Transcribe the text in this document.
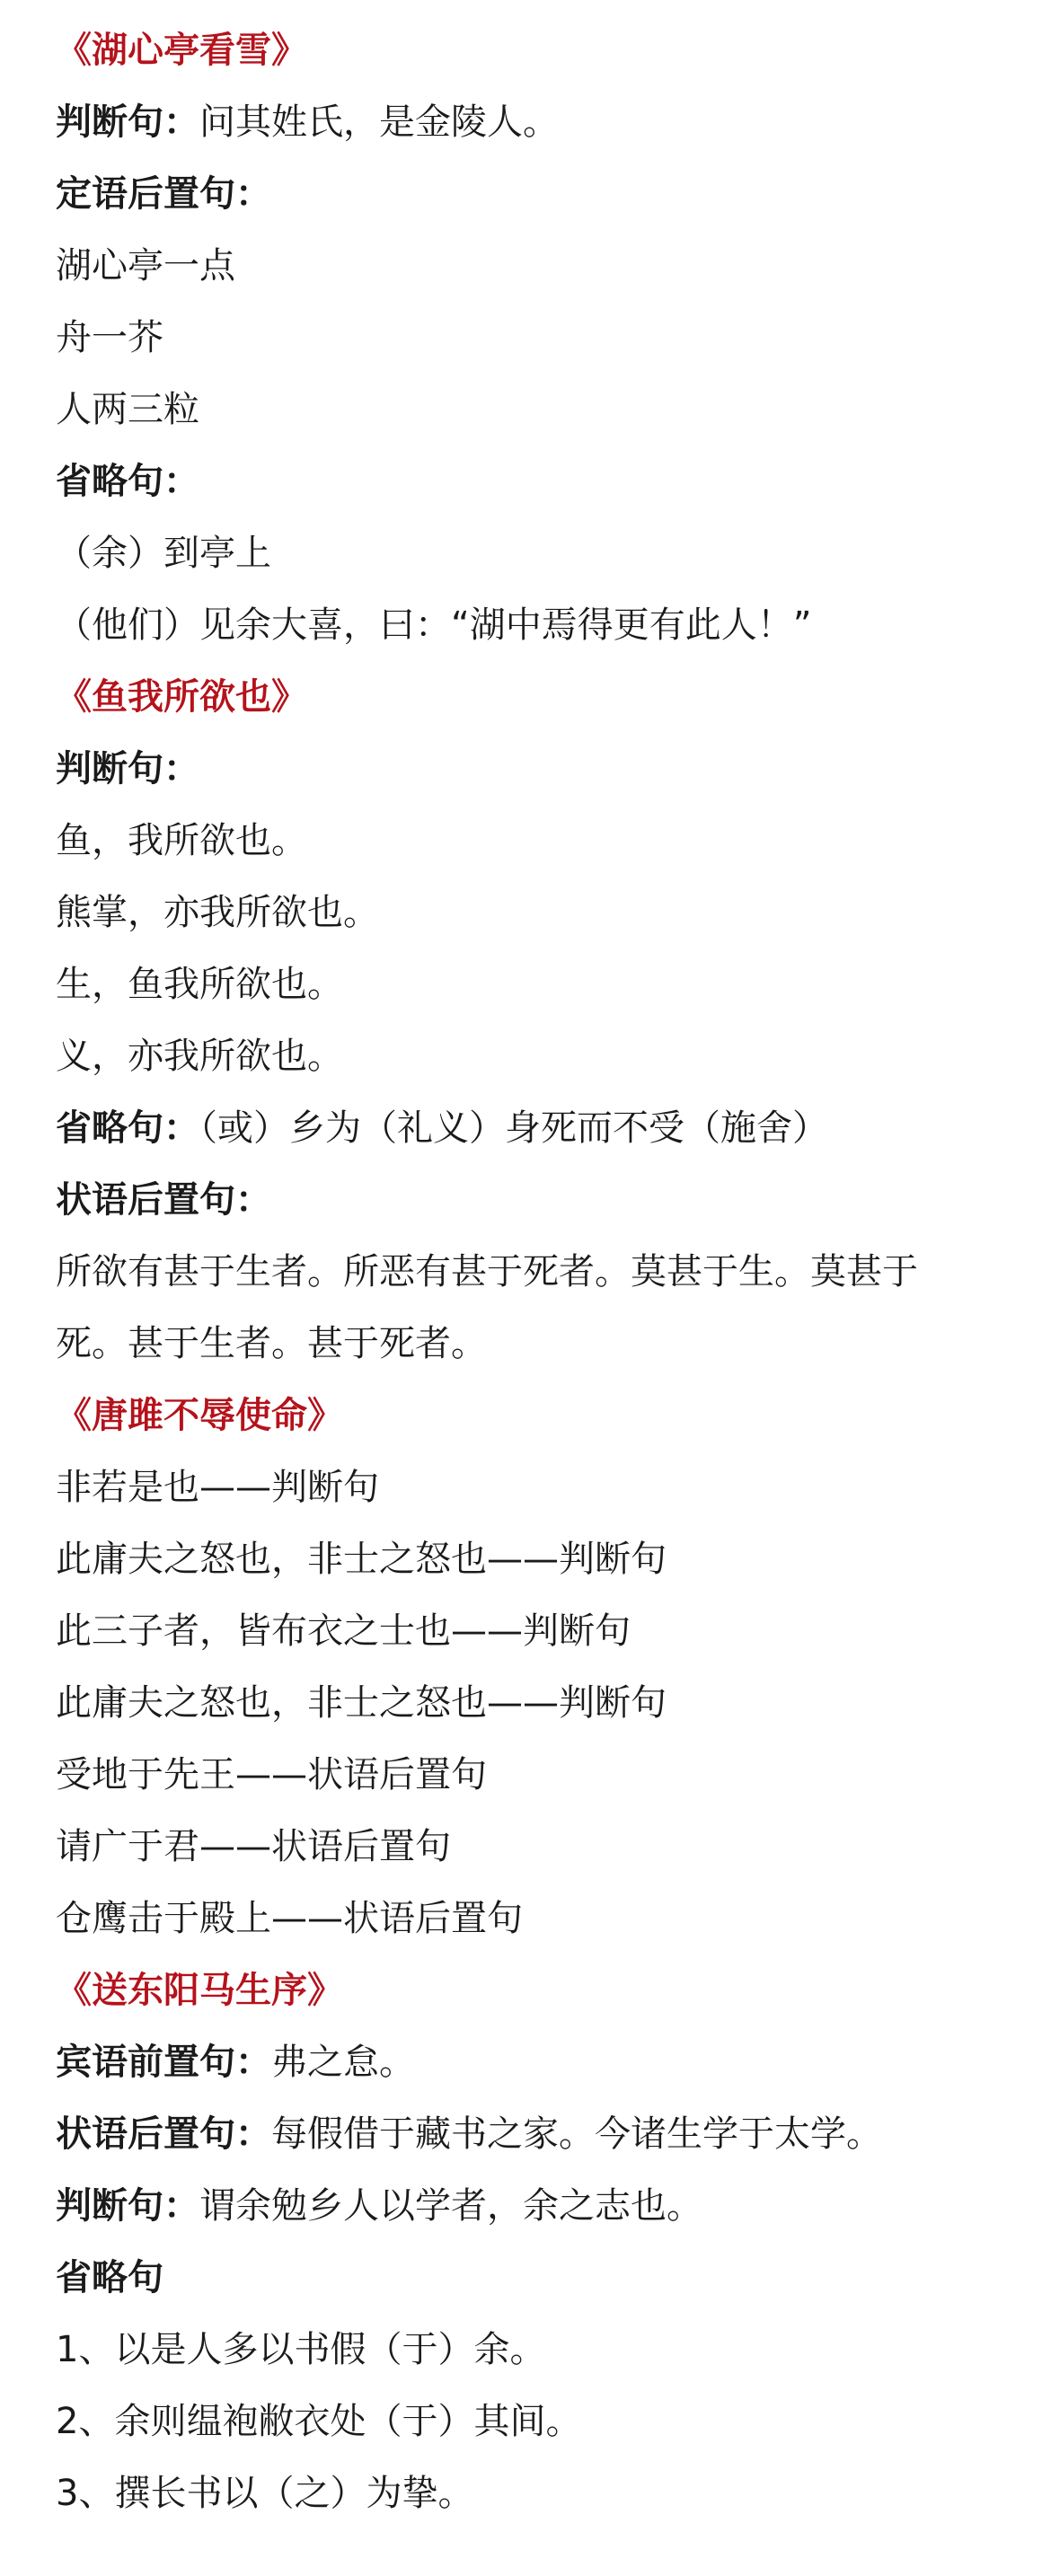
《湖心亭看雪》
判断句：问其姓氏，是金陵人。
定语后置句：
湖心亭一点
舟一芥
人两三粒
省略句：
（余）到亭上
（他们）见余大喜，曰：“湖中焉得更有此人！”
《鱼我所欲也》
判断句：
鱼，我所欲也。
熊掌，亦我所欲也。
生，鱼我所欲也。
义，亦我所欲也。
省略句：（或）乡为（礼义）身死而不受（施舍）
状语后置句：
所欲有甚于生者。所恶有甚于死者。莫甚于生。莫甚于
死。甚于生者。甚于死者。
《唐雎不辱使命》
非若是也——判断句
此庸夫之怒也，非士之怒也——判断句
此三子者，皆布衣之士也——判断句
此庸夫之怒也，非士之怒也——判断句
受地于先王——状语后置句
请广于君——状语后置句
仓鹰击于殿上——状语后置句
《送东阳马生序》
宾语前置句：弗之怠。
状语后置句：每假借于藏书之家。今诸生学于太学。
判断句：谓余勉乡人以学者，余之志也。
省略句
1、以是人多以书假（于）余。
2、余则缊袍敝衣处（于）其间。
3、撰长书以（之）为挚。
